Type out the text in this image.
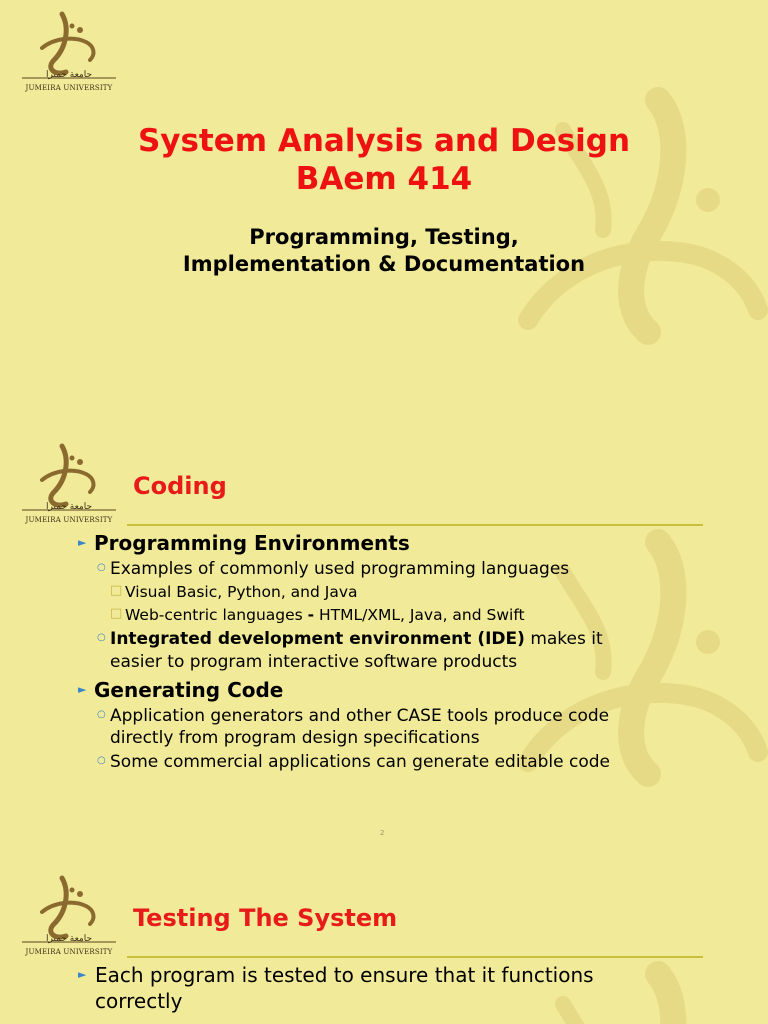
جامعة جميرا
JUMEIRA UNIVERSITY
System Analysis and Design
BAem 414
Programming, Testing,
Implementation & Documentation
جامعة جميرا
JUMEIRA UNIVERSITY
Coding
► Programming Environments
○ Examples of commonly used programming languages
□ Visual Basic, Python, and Java
□ Web-centric languages - HTML/XML, Java, and Swift
○ Integrated development environment (IDE) makes it
easier to program interactive software products
► Generating Code
○ Application generators and other CASE tools produce code
directly from program design specifications
○ Some commercial applications can generate editable code
2
جامعة جميرا
JUMEIRA UNIVERSITY
Testing The System
► Each program is tested to ensure that it functions
correctly
